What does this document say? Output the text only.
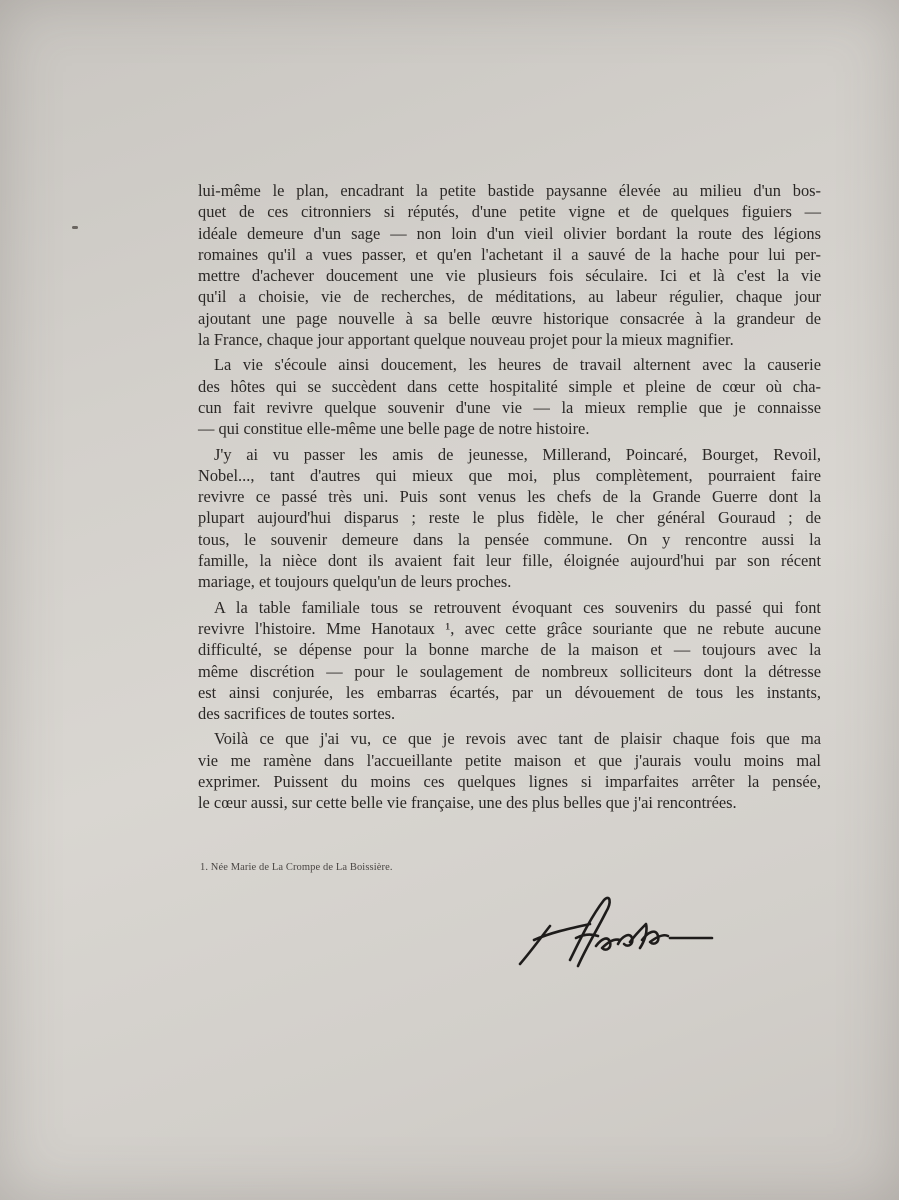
lui-même le plan, encadrant la petite bastide paysanne élevée au milieu d'un bos-
quet de ces citronniers si réputés, d'une petite vigne et de quelques figuiers —
idéale demeure d'un sage — non loin d'un vieil olivier bordant la route des légions
romaines qu'il a vues passer, et qu'en l'achetant il a sauvé de la hache pour lui per-
mettre d'achever doucement une vie plusieurs fois séculaire. Ici et là c'est la vie
qu'il a choisie, vie de recherches, de méditations, au labeur régulier, chaque jour
ajoutant une page nouvelle à sa belle œuvre historique consacrée à la grandeur de
la France, chaque jour apportant quelque nouveau projet pour la mieux magnifier.
La vie s'écoule ainsi doucement, les heures de travail alternent avec la causerie
des hôtes qui se succèdent dans cette hospitalité simple et pleine de cœur où cha-
cun fait revivre quelque souvenir d'une vie — la mieux remplie que je connaisse
— qui constitue elle-même une belle page de notre histoire.
J'y ai vu passer les amis de jeunesse, Millerand, Poincaré, Bourget, Revoil,
Nobel..., tant d'autres qui mieux que moi, plus complètement, pourraient faire
revivre ce passé très uni. Puis sont venus les chefs de la Grande Guerre dont la
plupart aujourd'hui disparus ; reste le plus fidèle, le cher général Gouraud ; de
tous, le souvenir demeure dans la pensée commune. On y rencontre aussi la
famille, la nièce dont ils avaient fait leur fille, éloignée aujourd'hui par son récent
mariage, et toujours quelqu'un de leurs proches.
A la table familiale tous se retrouvent évoquant ces souvenirs du passé qui font
revivre l'histoire. Mme Hanotaux ¹, avec cette grâce souriante que ne rebute aucune
difficulté, se dépense pour la bonne marche de la maison et — toujours avec la
même discrétion — pour le soulagement de nombreux solliciteurs dont la détresse
est ainsi conjurée, les embarras écartés, par un dévouement de tous les instants,
des sacrifices de toutes sortes.
Voilà ce que j'ai vu, ce que je revois avec tant de plaisir chaque fois que ma
vie me ramène dans l'accueillante petite maison et que j'aurais voulu moins mal
exprimer. Puissent du moins ces quelques lignes si imparfaites arrêter la pensée,
le cœur aussi, sur cette belle vie française, une des plus belles que j'ai rencontrées.
1. Née Marie de La Crompe de La Boissière.
